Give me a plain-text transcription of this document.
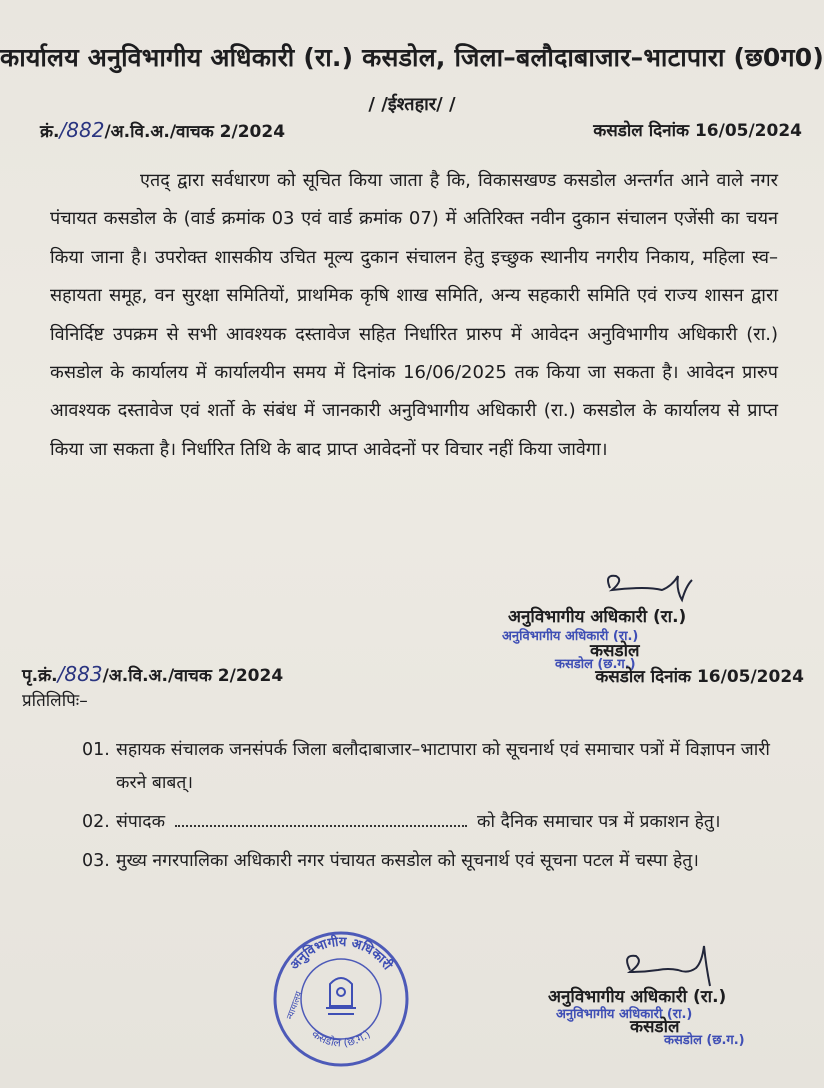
कार्यालय अनुविभागीय अधिकारी (रा.) कसडोल, जिला–बलौदाबाजार–भाटापारा (छ0ग0)
/ /ईश्तहार/ /
क्रं./882/अ.वि.अ./वाचक 2/2024	कसडोल दिनांक 16/05/2024

एतद् द्वारा सर्वधारण को सूचित किया जाता है कि, विकासखण्ड कसडोल अन्तर्गत आने वाले नगर पंचायत कसडोल के (वार्ड क्रमांक 03 एवं वार्ड क्रमांक 07) में अतिरिक्त नवीन दुकान संचालन एजेंसी का चयन किया जाना है। उपरोक्त शासकीय उचित मूल्य दुकान संचालन हेतु इच्छुक स्थानीय नगरीय निकाय, महिला स्व–सहायता समूह, वन सुरक्षा समितियों, प्राथमिक कृषि शाख समिति, अन्य सहकारी समिति एवं राज्य शासन द्वारा विनिर्दिष्ट उपक्रम से सभी आवश्यक दस्तावेज सहित निर्धारित प्रारुप में आवेदन अनुविभागीय अधिकारी (रा.) कसडोल के कार्यालय में कार्यालयीन समय में दिनांक 16/06/2025 तक किया जा सकता है। आवेदन प्रारुप आवश्यक दस्तावेज एवं शर्तो के संबंध में जानकारी अनुविभागीय अधिकारी (रा.) कसडोल के कार्यालय से प्राप्त किया जा सकता है। निर्धारित तिथि के बाद प्राप्त आवेदनों पर विचार नहीं किया जावेगा।

अनुविभागीय अधिकारी (रा.)
अनुविभागीय अधिकारी (रा.)
कसडोल
कसडोल (छ.ग.)
पृ.क्रं./883/अ.वि.अ./वाचक 2/2024	कसडोल दिनांक 16/05/2024
प्रतिलिपिः–
01. सहायक संचालक जनसंपर्क जिला बलौदाबाजार–भाटापारा को सूचनार्थ एवं समाचार पत्रों में विज्ञापन जारी करने बाबत्।
02. संपादक	को दैनिक समाचार पत्र में प्रकाशन हेतु।
03. मुख्य नगरपालिका अधिकारी नगर पंचायत कसडोल को सूचनार्थ एवं सूचना पटल में चस्पा हेतु।
अनुविभागीय अधिकारी
कसडोल (छ.ग.)
न्यायालय	अनुविभागीय अधिकारी (रा.)
अनुविभागीय अधिकारी (रा.)
कसडोल
कसडोल (छ.ग.)
